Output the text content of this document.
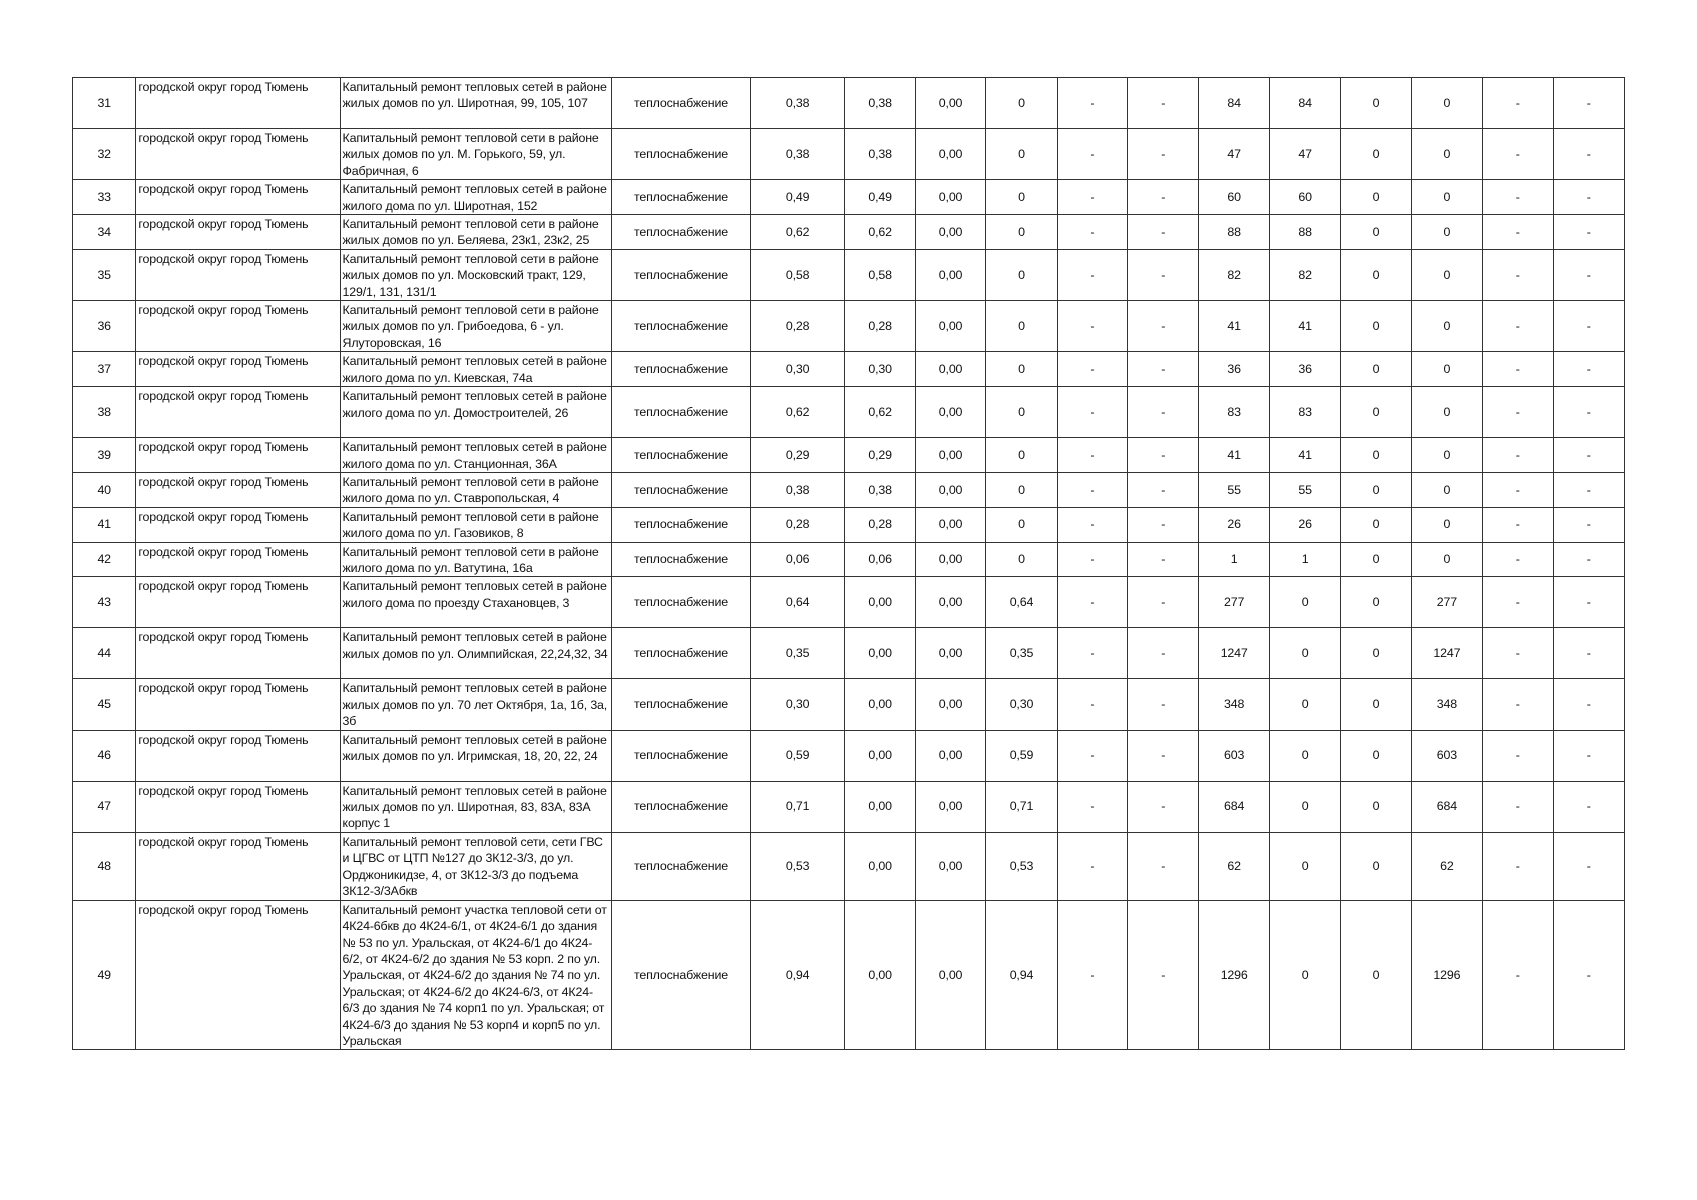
31	городской округ город Тюмень	Капитальный ремонт тепловых сетей в районе жилых домов по ул. Широтная, 99, 105, 107	теплоснабжение	0,38	0,38	0,00	0	-	-	84	84	0	0	-	-
32	городской округ город Тюмень	Капитальный ремонт тепловой сети в районе жилых домов по ул. М. Горького, 59, ул. Фабричная, 6	теплоснабжение	0,38	0,38	0,00	0	-	-	47	47	0	0	-	-
33	городской округ город Тюмень	Капитальный ремонт тепловых сетей в районе жилого дома по ул. Широтная, 152	теплоснабжение	0,49	0,49	0,00	0	-	-	60	60	0	0	-	-
34	городской округ город Тюмень	Капитальный ремонт тепловой сети в районе жилых домов по ул. Беляева, 23к1, 23к2, 25	теплоснабжение	0,62	0,62	0,00	0	-	-	88	88	0	0	-	-
35	городской округ город Тюмень	Капитальный ремонт тепловой сети в районе жилых домов по ул. Московский тракт, 129, 129/1, 131, 131/1	теплоснабжение	0,58	0,58	0,00	0	-	-	82	82	0	0	-	-
36	городской округ город Тюмень	Капитальный ремонт тепловой сети в районе жилых домов по ул. Грибоедова, 6 - ул. Ялуторовская, 16	теплоснабжение	0,28	0,28	0,00	0	-	-	41	41	0	0	-	-
37	городской округ город Тюмень	Капитальный ремонт тепловых сетей в районе жилого дома по ул. Киевская, 74а	теплоснабжение	0,30	0,30	0,00	0	-	-	36	36	0	0	-	-
38	городской округ город Тюмень	Капитальный ремонт тепловых сетей в районе жилого дома по ул. Домостроителей, 26	теплоснабжение	0,62	0,62	0,00	0	-	-	83	83	0	0	-	-
39	городской округ город Тюмень	Капитальный ремонт тепловых сетей в районе жилого дома по ул. Станционная, 36А	теплоснабжение	0,29	0,29	0,00	0	-	-	41	41	0	0	-	-
40	городской округ город Тюмень	Капитальный ремонт тепловой сети в районе жилого дома по ул. Ставропольская, 4	теплоснабжение	0,38	0,38	0,00	0	-	-	55	55	0	0	-	-
41	городской округ город Тюмень	Капитальный ремонт тепловой сети в районе жилого дома по ул. Газовиков, 8	теплоснабжение	0,28	0,28	0,00	0	-	-	26	26	0	0	-	-
42	городской округ город Тюмень	Капитальный ремонт тепловой сети в районе жилого дома по ул. Ватутина, 16а	теплоснабжение	0,06	0,06	0,00	0	-	-	1	1	0	0	-	-
43	городской округ город Тюмень	Капитальный ремонт тепловых сетей в районе жилого дома по проезду Стахановцев, 3	теплоснабжение	0,64	0,00	0,00	0,64	-	-	277	0	0	277	-	-
44	городской округ город Тюмень	Капитальный ремонт тепловых сетей в районе жилых домов по ул. Олимпийская, 22,24,32, 34	теплоснабжение	0,35	0,00	0,00	0,35	-	-	1247	0	0	1247	-	-
45	городской округ город Тюмень	Капитальный ремонт тепловых сетей в районе жилых домов по ул. 70 лет Октября, 1а, 1б, 3а, 3б	теплоснабжение	0,30	0,00	0,00	0,30	-	-	348	0	0	348	-	-
46	городской округ город Тюмень	Капитальный ремонт тепловых сетей в районе жилых домов по ул. Игримская, 18, 20, 22, 24	теплоснабжение	0,59	0,00	0,00	0,59	-	-	603	0	0	603	-	-
47	городской округ город Тюмень	Капитальный ремонт тепловых сетей в районе жилых домов по ул. Широтная, 83, 83А, 83А корпус 1	теплоснабжение	0,71	0,00	0,00	0,71	-	-	684	0	0	684	-	-
48	городской округ город Тюмень	Капитальный ремонт тепловой сети, сети ГВС и ЦГВС от ЦТП №127 до 3К12-3/3, до ул. Орджоникидзе, 4, от 3К12-3/3 до подъема 3К12-3/3Абкв	теплоснабжение	0,53	0,00	0,00	0,53	-	-	62	0	0	62	-	-
49	городской округ город Тюмень	Капитальный ремонт участка тепловой сети от 4К24-6бкв до 4К24-6/1, от 4К24-6/1 до здания № 53 по ул. Уральская, от 4К24-6/1 до 4К24-6/2, от 4К24-6/2 до здания № 53 корп. 2 по ул. Уральская, от 4К24-6/2 до здания № 74 по ул. Уральская; от 4К24-6/2 до 4К24-6/3, от 4К24-6/3 до здания № 74 корп1 по ул. Уральская; от 4К24-6/3 до здания № 53 корп4 и корп5 по ул. Уральская	теплоснабжение	0,94	0,00	0,00	0,94	-	-	1296	0	0	1296	-	-
